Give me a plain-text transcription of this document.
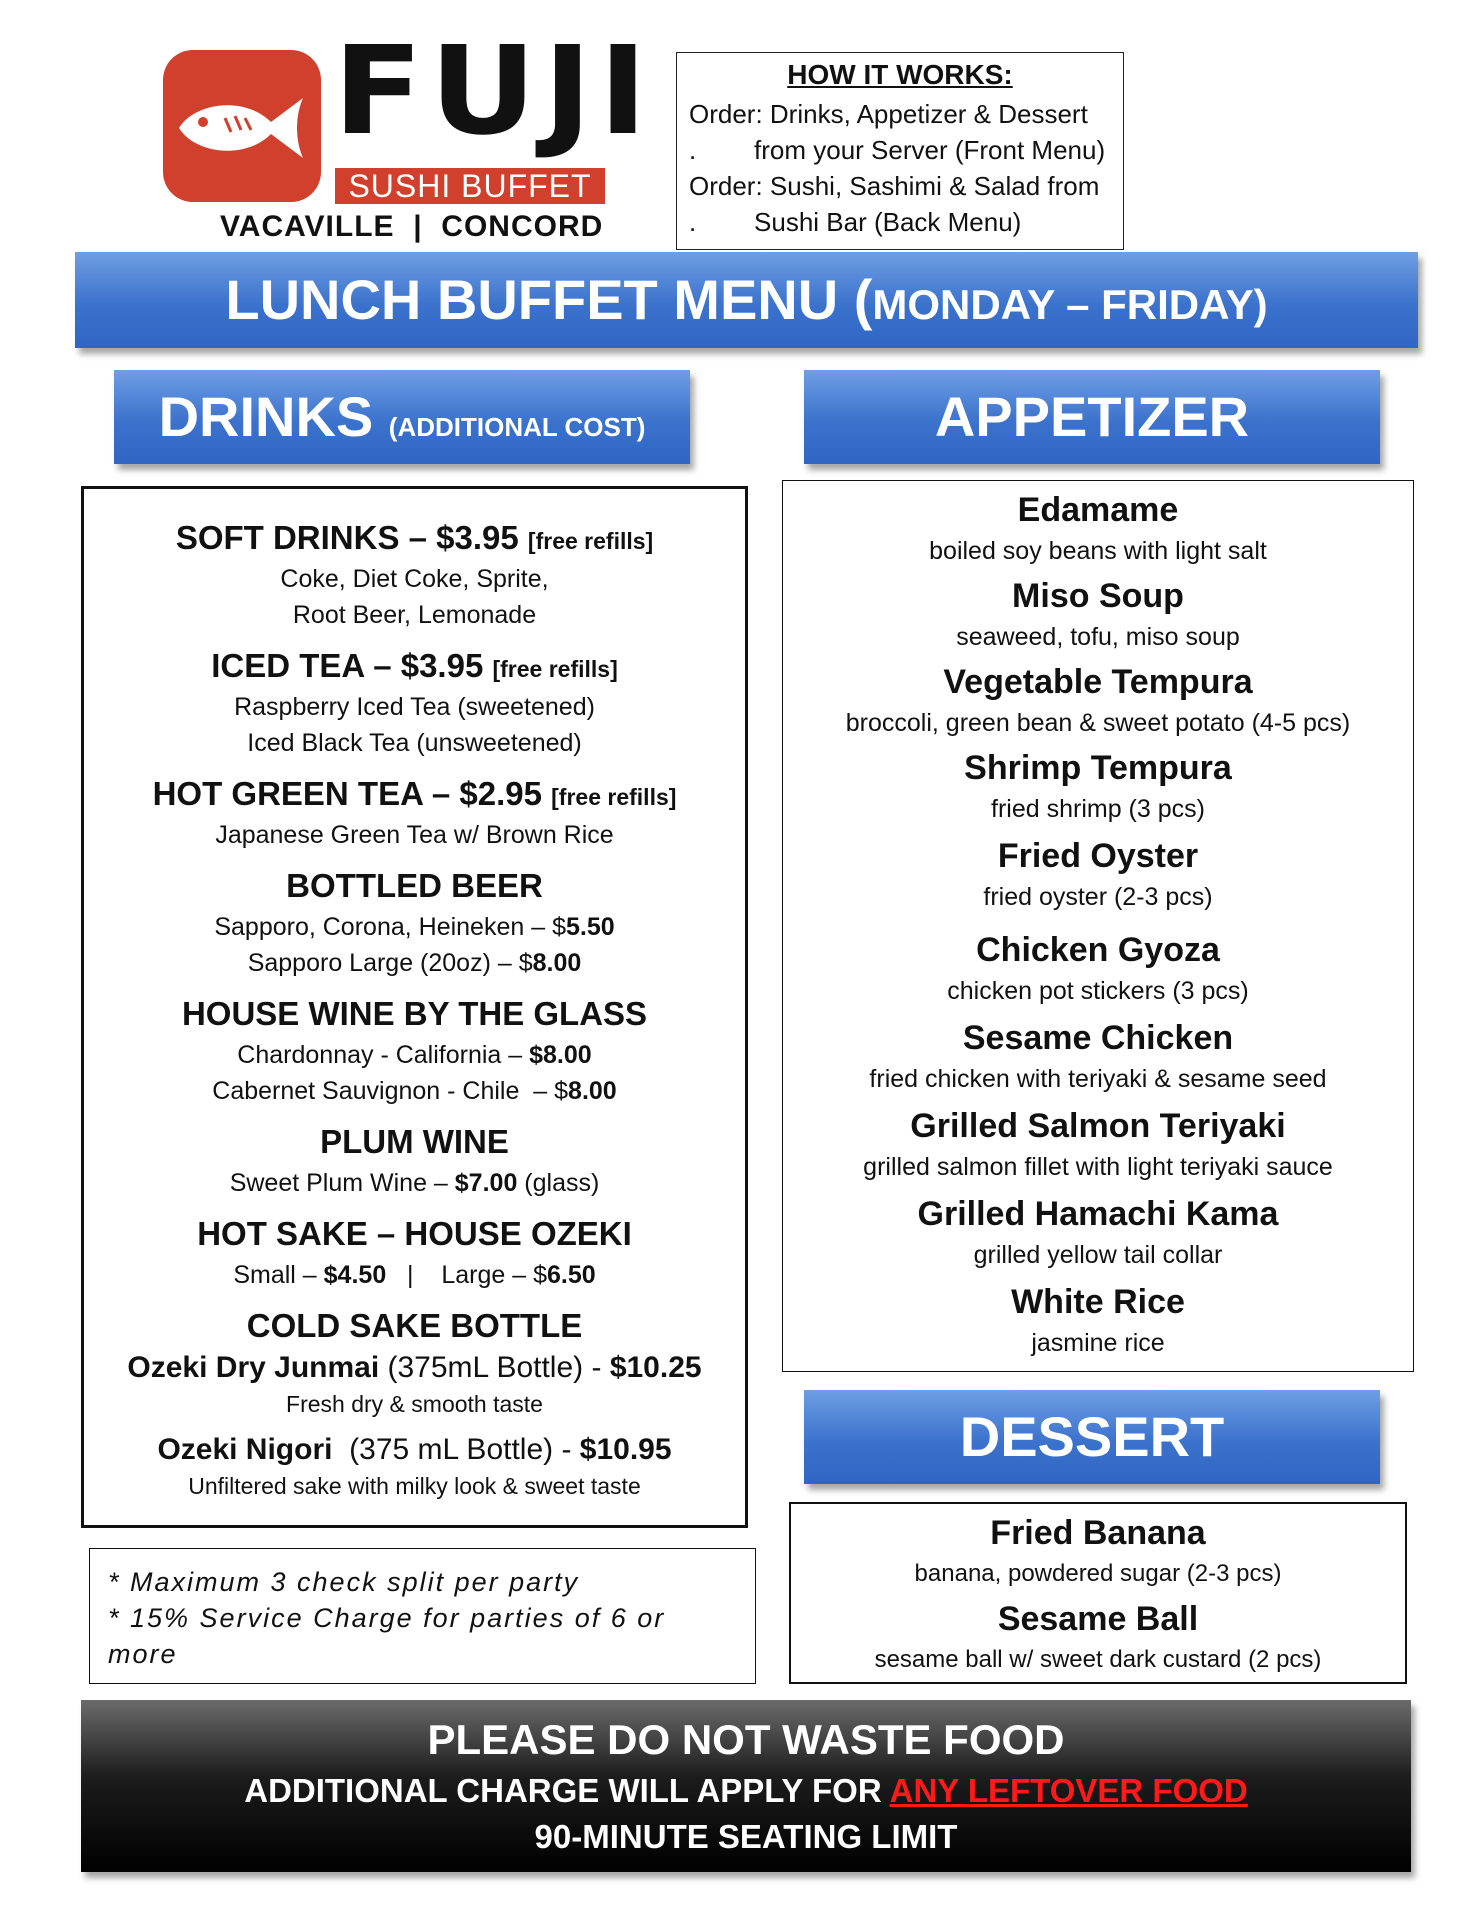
FUJI
SUSHI BUFFET
VACAVILLE  |  CONCORD
HOW IT WORKS:
Order: Drinks, Appetizer & Dessert
.        from your Server (Front Menu)
Order: Sushi, Sashimi & Salad from
.        Sushi Bar (Back Menu)
LUNCH BUFFET MENU (MONDAY – FRIDAY)
DRINKS (ADDITIONAL COST)	APPETIZER
DESSERT
SOFT DRINKS – $3.95 [free refills]
Coke, Diet Coke, Sprite,
Root Beer, Lemonade
ICED TEA – $3.95 [free refills]
Raspberry Iced Tea (sweetened)
Iced Black Tea (unsweetened)
HOT GREEN TEA – $2.95 [free refills]
Japanese Green Tea w/ Brown Rice
BOTTLED BEER
Sapporo, Corona, Heineken – $5.50
Sapporo Large (20oz) – $8.00
HOUSE WINE BY THE GLASS
Chardonnay - California – $8.00
Cabernet Sauvignon - Chile  – $8.00
PLUM WINE
Sweet Plum Wine – $7.00 (glass)
HOT SAKE – HOUSE OZEKI
Small – $4.50   |    Large – $6.50
COLD SAKE BOTTLE
Ozeki Dry Junmai (375mL Bottle) - $10.25
Fresh dry & smooth taste
Ozeki Nigori  (375 mL Bottle) - $10.95
Unfiltered sake with milky look & sweet taste
Edamame
boiled soy beans with light salt
Miso Soup
seaweed, tofu, miso soup
Vegetable Tempura
broccoli, green bean & sweet potato (4-5 pcs)
Shrimp Tempura
fried shrimp (3 pcs)
Fried Oyster
fried oyster (2-3 pcs)
Chicken Gyoza
chicken pot stickers (3 pcs)
Sesame Chicken
fried chicken with teriyaki & sesame seed
Grilled Salmon Teriyaki
grilled salmon fillet with light teriyaki sauce
Grilled Hamachi Kama
grilled yellow tail collar
White Rice
jasmine rice
Fried Banana
banana, powdered sugar (2-3 pcs)
Sesame Ball
sesame ball w/ sweet dark custard (2 pcs)
* Maximum 3 check split per party
* 15% Service Charge for parties of 6 or
more
PLEASE DO NOT WASTE FOOD
ADDITIONAL CHARGE WILL APPLY FOR ANY LEFTOVER FOOD
90-MINUTE SEATING LIMIT
